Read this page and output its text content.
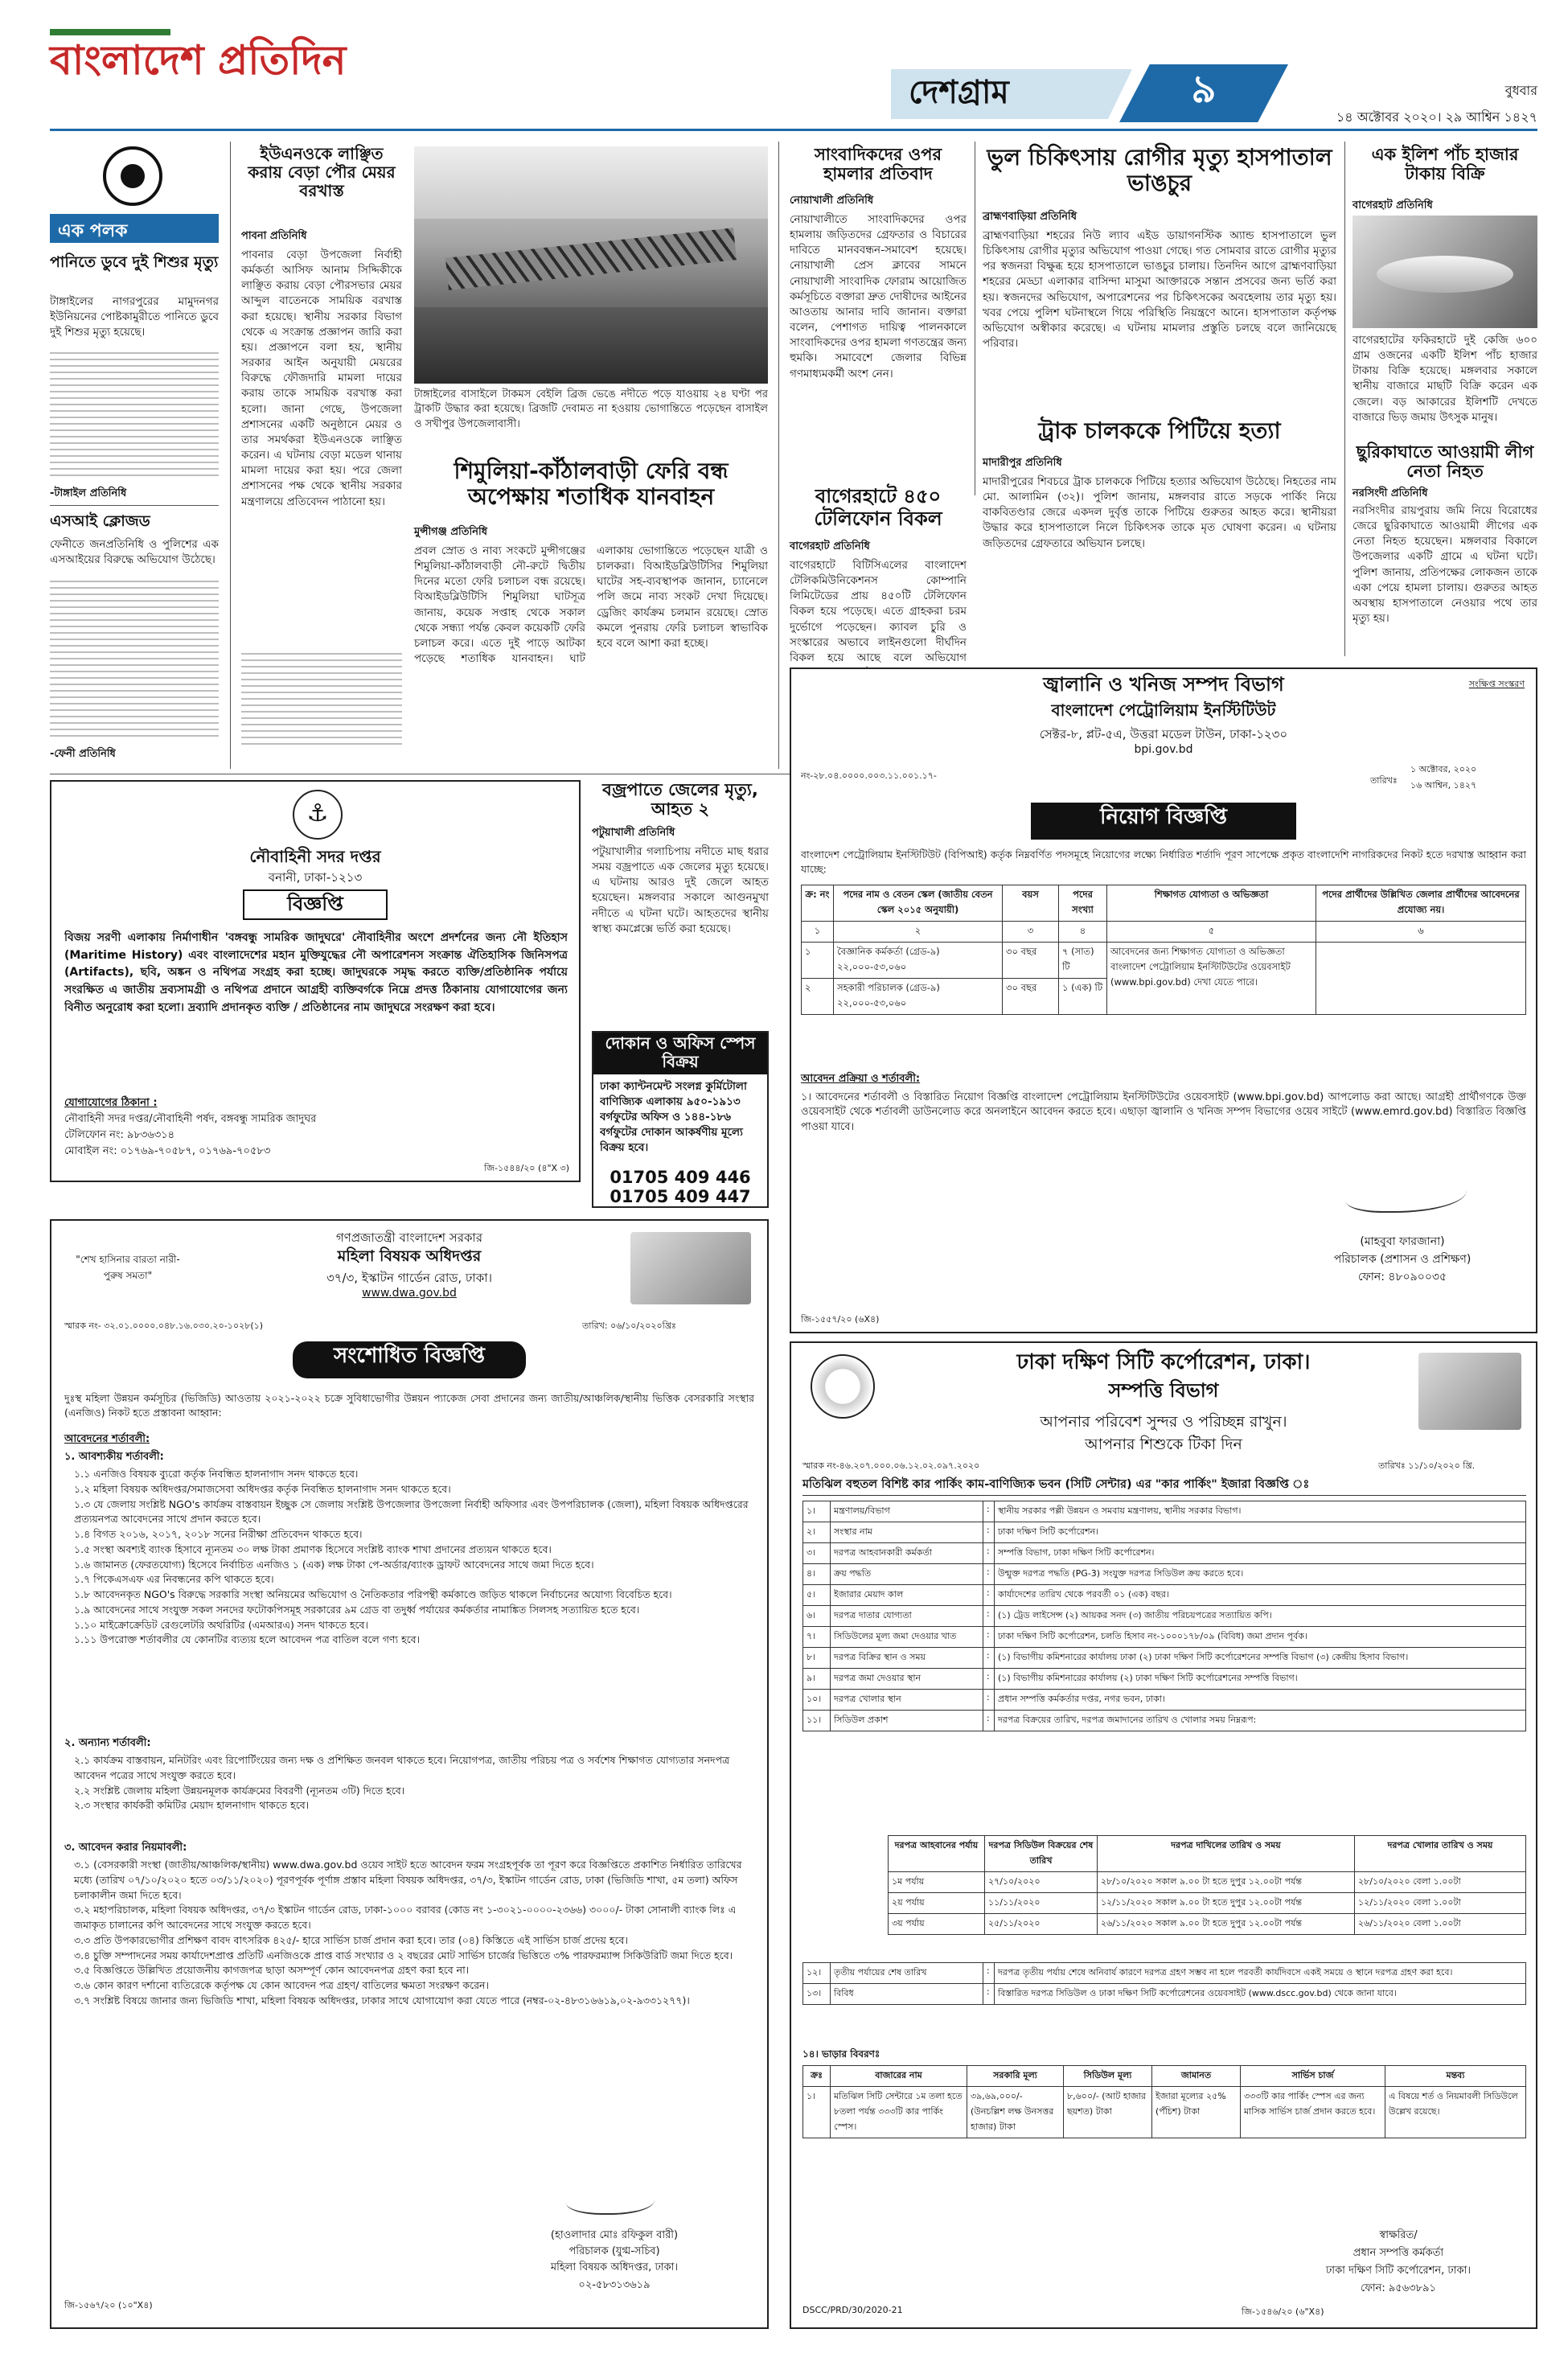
বাংলাদেশ প্রতিদিন
দেশগ্রাম	৯	বুধবার
১৪ অক্টোবর ২০২০। ২৯ আশ্বিন ১৪২৭
এক পলক
পানিতে ডুবে দুই শিশুর মৃত্যু
টাঙ্গাইলের নাগরপুরের মামুদনগর ইউনিয়নের পোষ্টকামুরীতে পানিতে ডুবে দুই শিশুর মৃত্যু হয়েছে।
-টাঙ্গাইল প্রতিনিধি
এসআই ক্লোজড
ফেনীতে জনপ্রতিনিধি ও পুলিশের এক এসআইয়ের বিরুদ্ধে অভিযোগ উঠেছে।
-ফেনী প্রতিনিধি
ইউএনওকে লাঞ্ছিত করায় বেড়া পৌর মেয়র বরখাস্ত
পাবনা প্রতিনিধি
পাবনার বেড়া উপজেলা নির্বাহী কর্মকর্তা আসিফ আনাম সিদ্দিকীকে লাঞ্ছিত করায় বেড়া পৌরসভার মেয়র আব্দুল বাতেনকে সাময়িক বরখাস্ত করা হয়েছে। স্থানীয় সরকার বিভাগ থেকে এ সংক্রান্ত প্রজ্ঞাপন জারি করা হয়। প্রজ্ঞাপনে বলা হয়, স্থানীয় সরকার আইন অনুযায়ী মেয়রের বিরুদ্ধে ফৌজদারি মামলা দায়ের করায় তাকে সাময়িক বরখাস্ত করা হলো। জানা গেছে, উপজেলা প্রশাসনের একটি অনুষ্ঠানে মেয়র ও তার সমর্থকরা ইউএনওকে লাঞ্ছিত করেন। এ ঘটনায় বেড়া মডেল থানায় মামলা দায়ের করা হয়। পরে জেলা প্রশাসনের পক্ষ থেকে স্থানীয় সরকার মন্ত্রণালয়ে প্রতিবেদন পাঠানো হয়।
টাঙ্গাইলের বাসাইলে টাকমস বেইলি ব্রিজ ভেঙে নদীতে পড়ে যাওয়ায় ২৪ ঘণ্টা পর ট্রাকটি উদ্ধার করা হয়েছে। ব্রিজটি দেবামত না হওয়ায় ভোগান্তিতে পড়েছেন বাসাইল ও সখীপুর উপজেলাবাসী।
শিমুলিয়া-কাঁঠালবাড়ী ফেরি বন্ধ অপেক্ষায় শতাধিক যানবাহন
মুন্সীগঞ্জ প্রতিনিধি
প্রবল স্রোত ও নাব্য সংকটে মুন্সীগঞ্জের শিমুলিয়া-কাঁঠালবাড়ী নৌ-রুটে দ্বিতীয় দিনের মতো ফেরি চলাচল বন্ধ রয়েছে। বিআইডব্লিউটিসি শিমুলিয়া ঘাটসূত্র জানায়, কয়েক সপ্তাহ থেকে সকাল থেকে সন্ধ্যা পর্যন্ত কেবল কয়েকটি ফেরি চলাচল করে। এতে দুই পাড়ে আটকা পড়েছে শতাধিক যানবাহন। ঘাট এলাকায় ভোগান্তিতে পড়েছেন যাত্রী ও চালকরা। বিআইডব্লিউটিসির শিমুলিয়া ঘাটের সহ-ব্যবস্থাপক জানান, চ্যানেলে পলি জমে নাব্য সংকট দেখা দিয়েছে। ড্রেজিং কার্যক্রম চলমান রয়েছে। স্রোত কমলে পুনরায় ফেরি চলাচল স্বাভাবিক হবে বলে আশা করা হচ্ছে।
সাংবাদিকদের ওপর হামলার প্রতিবাদ
নোয়াখালী প্রতিনিধি
নোয়াখালীতে সাংবাদিকদের ওপর হামলায় জড়িতদের গ্রেফতার ও বিচারের দাবিতে মানববন্ধন-সমাবেশ হয়েছে। নোয়াখালী প্রেস ক্লাবের সামনে নোয়াখালী সাংবাদিক ফোরাম আয়োজিত কর্মসূচিতে বক্তারা দ্রুত দোষীদের আইনের আওতায় আনার দাবি জানান। বক্তারা বলেন, পেশাগত দায়িত্ব পালনকালে সাংবাদিকদের ওপর হামলা গণতন্ত্রের জন্য হুমকি। সমাবেশে জেলার বিভিন্ন গণমাধ্যমকর্মী অংশ নেন।
বাগেরহাটে ৪৫০ টেলিফোন বিকল
বাগেরহাট প্রতিনিধি
বাগেরহাটে বিটিসিএলের বাংলাদেশ টেলিকমিউনিকেশনস কোম্পানি লিমিটেডের প্রায় ৪৫০টি টেলিফোন বিকল হয়ে পড়েছে। এতে গ্রাহকরা চরম দুর্ভোগে পড়েছেন। ক্যাবল চুরি ও সংস্কারের অভাবে লাইনগুলো দীর্ঘদিন বিকল হয়ে আছে বলে অভিযোগ
ভুল চিকিৎসায় রোগীর মৃত্যু হাসপাতাল ভাঙচুর
ব্রাহ্মণবাড়িয়া প্রতিনিধি
ব্রাহ্মণবাড়িয়া শহরের নিউ ল্যাব এইড ডায়াগনস্টিক অ্যান্ড হাসপাতালে ভুল চিকিৎসায় রোগীর মৃত্যুর অভিযোগ পাওয়া গেছে। গত সোমবার রাতে রোগীর মৃত্যুর পর স্বজনরা বিক্ষুব্ধ হয়ে হাসপাতালে ভাঙচুর চালায়। তিনদিন আগে ব্রাহ্মণবাড়িয়া শহরের মেড্ডা এলাকার বাসিন্দা মাসুমা আক্তারকে সন্তান প্রসবের জন্য ভর্তি করা হয়। স্বজনদের অভিযোগ, অপারেশনের পর চিকিৎসকের অবহেলায় তার মৃত্যু হয়। খবর পেয়ে পুলিশ ঘটনাস্থলে গিয়ে পরিস্থিতি নিয়ন্ত্রণে আনে। হাসপাতাল কর্তৃপক্ষ অভিযোগ অস্বীকার করেছে। এ ঘটনায় মামলার প্রস্তুতি চলছে বলে জানিয়েছে পরিবার।
ট্রাক চালককে পিটিয়ে হত্যা
মাদারীপুর প্রতিনিধি
মাদারীপুরের শিবচরে ট্রাক চালককে পিটিয়ে হত্যার অভিযোগ উঠেছে। নিহতের নাম মো. আলামিন (৩২)। পুলিশ জানায়, মঙ্গলবার রাতে সড়কে পার্কিং নিয়ে বাকবিতণ্ডার জেরে একদল দুর্বৃত্ত তাকে পিটিয়ে গুরুতর আহত করে। স্থানীয়রা উদ্ধার করে হাসপাতালে নিলে চিকিৎসক তাকে মৃত ঘোষণা করেন। এ ঘটনায় জড়িতদের গ্রেফতারে অভিযান চলছে।
এক ইলিশ পাঁচ হাজার টাকায় বিক্রি
বাগেরহাট প্রতিনিধি
বাগেরহাটের ফকিরহাটে দুই কেজি ৬০০ গ্রাম ওজনের একটি ইলিশ পাঁচ হাজার টাকায় বিক্রি হয়েছে। মঙ্গলবার সকালে স্থানীয় বাজারে মাছটি বিক্রি করেন এক জেলে। বড় আকারের ইলিশটি দেখতে বাজারে ভিড় জমায় উৎসুক মানুষ।
ছুরিকাঘাতে আওয়ামী লীগ নেতা নিহত
নরসিংদী প্রতিনিধি
নরসিংদীর রায়পুরায় জমি নিয়ে বিরোধের জেরে ছুরিকাঘাতে আওয়ামী লীগের এক নেতা নিহত হয়েছেন। মঙ্গলবার বিকালে উপজেলার একটি গ্রামে এ ঘটনা ঘটে। পুলিশ জানায়, প্রতিপক্ষের লোকজন তাকে একা পেয়ে হামলা চালায়। গুরুতর আহত অবস্থায় হাসপাতালে নেওয়ার পথে তার মৃত্যু হয়।
⚓
নৌবাহিনী সদর দপ্তর
বনানী, ঢাকা-১২১৩
বিজ্ঞপ্তি
বিজয় সরণী এলাকায় নির্মাণাধীন 'বঙ্গবন্ধু সামরিক জাদুঘরে' নৌবাহিনীর অংশে প্রদর্শনের জন্য নৌ ইতিহাস (Maritime History) এবং বাংলাদেশের মহান মুক্তিযুদ্ধের নৌ অপারেশনস সংক্রান্ত ঐতিহাসিক জিনিসপত্র (Artifacts), ছবি, অঙ্কন ও নথিপত্র সংগ্রহ করা হচ্ছে। জাদুঘরকে সমৃদ্ধ করতে ব্যক্তি/প্রতিষ্ঠানিক পর্যায়ে সংরক্ষিত এ জাতীয় দ্রব্যসামগ্রী ও নথিপত্র প্রদানে আগ্রহী ব্যক্তিবর্গকে নিম্নে প্রদত্ত ঠিকানায় যোগাযোগের জন্য বিনীত অনুরোধ করা হলো। দ্রব্যাদি প্রদানকৃত ব্যক্তি / প্রতিষ্ঠানের নাম জাদুঘরে সংরক্ষণ করা হবে।
যোগাযোগের ঠিকানা :
নৌবাহিনী সদর দপ্তর/নৌবাহিনী পর্ষদ, বঙ্গবন্ধু সামরিক জাদুঘর
টেলিফোন নং: ৯৮৩৬৩১৪
মোবাইল নং: ০১৭৬৯-৭০৫৮৭, ০১৭৬৯-৭০৫৮৩
জি-১৫৪৪/২০ (৪"X ৩)
বজ্রপাতে জেলের মৃত্যু, আহত ২
পটুয়াখালী প্রতিনিধি
পটুয়াখালীর গলাচিপায় নদীতে মাছ ধরার সময় বজ্রপাতে এক জেলের মৃত্যু হয়েছে। এ ঘটনায় আরও দুই জেলে আহত হয়েছেন। মঙ্গলবার সকালে আগুনমুখা নদীতে এ ঘটনা ঘটে। আহতদের স্থানীয় স্বাস্থ্য কমপ্লেক্সে ভর্তি করা হয়েছে।
দোকান ও অফিস স্পেস বিক্রয়
ঢাকা ক্যান্টনমেন্ট সংলগ্ন কুর্মিটোলা বাণিজ্যিক এলাকায় ৯৫০-১৯১৩ বর্গফুটের অফিস ও ১৪৪-১৮৬ বর্গফুটের দোকান আকর্ষণীয় মূল্যে বিক্রয় হবে।
01705 409 446
01705 409 447
জ্বালানি ও খনিজ সম্পদ বিভাগ
বাংলাদেশ পেট্রোলিয়াম ইনস্টিটিউট
সেক্টর-৮, প্লট-৫এ, উত্তরা মডেল টাউন, ঢাকা-১২৩০
bpi.gov.bd
সংক্ষিপ্ত সংস্করণ
নং-২৮.০৪.০০০০.০০৩.১১.০০১.১৭-	তারিখঃ
১ অক্টোবর, ২০২০
১৬ আশ্বিন, ১৪২৭
নিয়োগ বিজ্ঞপ্তি
বাংলাদেশ পেট্রোলিয়াম ইনস্টিটিউট (বিপিআই) কর্তৃক নিম্নবর্ণিত পদসমূহে নিয়োগের লক্ষ্যে নির্ধারিত শর্তাদি পূরণ সাপেক্ষে প্রকৃত বাংলাদেশি নাগরিকদের নিকট হতে দরখাস্ত আহ্বান করা যাচ্ছে:
ক্র: নং	পদের নাম ও বেতন স্কেল (জাতীয় বেতন স্কেল ২০১৫ অনুযায়ী)	বয়স	পদের সংখ্যা	শিক্ষাগত যোগ্যতা ও অভিজ্ঞতা	পদের প্রার্থীদের উল্লিখিত জেলার প্রার্থীদের আবেদনের প্রযোজ্য নয়।
১	২	৩	৪	৫	৬
১	বৈজ্ঞানিক কর্মকর্তা (গ্রেড-৯) ২২,০০০-৫৩,০৬০	৩০ বছর	৭ (সাত) টি	আবেদনের জন্য শিক্ষাগত যোগ্যতা ও অভিজ্ঞতা বাংলাদেশ পেট্রোলিয়াম ইনস্টিটিউটের ওয়েবসাইট (www.bpi.gov.bd) দেখা যেতে পারে।	
২	সহকারী পরিচালক (গ্রেড-৯) ২২,০০০-৫৩,০৬০	৩০ বছর	১ (এক) টি		
আবেদন প্রক্রিয়া ও শর্তাবলী:
১। আবেদনের শর্তাবলী ও বিস্তারিত নিয়োগ বিজ্ঞপ্তি বাংলাদেশ পেট্রোলিয়াম ইনস্টিটিউটের ওয়েবসাইট (www.bpi.gov.bd) আপলোড করা আছে। আগ্রহী প্রার্থীগণকে উক্ত ওয়েবসাইট থেকে শর্তাবলী ডাউনলোড করে অনলাইনে আবেদন করতে হবে। এছাড়া জ্বালানি ও খনিজ সম্পদ বিভাগের ওয়েব সাইটে (www.emrd.gov.bd) বিস্তারিত বিজ্ঞপ্তি পাওয়া যাবে।
(মাহবুবা ফারজানা)
পরিচালক (প্রশাসন ও প্রশিক্ষণ)
ফোন: ৪৮০৯০০৩৫
জি-১৫৫৭/২০ (৬X৪)
"শেখ হাসিনার বারতা নারী-পুরুষ সমতা"
গণপ্রজাতন্ত্রী বাংলাদেশ সরকার
মহিলা বিষয়ক অধিদপ্তর
৩৭/৩, ইস্কাটন গার্ডেন রোড, ঢাকা।
www.dwa.gov.bd
স্মারক নং- ৩২.০১.০০০০.০৪৮.১৬.০৩০.২০-১০২৮(১)	তারিখ: ০৬/১০/২০২০খ্রিঃ
সংশোধিত বিজ্ঞপ্তি
দুঃস্থ মহিলা উন্নয়ন কর্মসূচির (ভিজিডি) আওতায় ২০২১-২০২২ চক্রে সুবিধাভোগীর উন্নয়ন প্যাকেজ সেবা প্রদানের জন্য জাতীয়/আঞ্চলিক/স্থানীয় ভিত্তিক বেসরকারি সংস্থার (এনজিও) নিকট হতে প্রস্তাবনা আহ্বান:
আবেদনের শর্তাবলী:
১. আবশ্যকীয় শর্তাবলী:
১.১ এনজিও বিষয়ক ব্যুরো কর্তৃক নিবন্ধিত হালনাগাদ সনদ থাকতে হবে।
১.২ মহিলা বিষয়ক অধিদপ্তর/সমাজসেবা অধিদপ্তর কর্তৃক নিবন্ধিত হালনাগাদ সনদ থাকতে হবে।
১.৩ যে জেলায় সংশ্লিষ্ট NGO's কার্যক্রম বাস্তবায়ন ইচ্ছুক সে জেলায় সংশ্লিষ্ট উপজেলার উপজেলা নির্বাহী অফিসার এবং উপপরিচালক (জেলা), মহিলা বিষয়ক অধিদপ্তরের প্রত্যয়নপত্র আবেদনের সাথে প্রদান করতে হবে।
১.৪ বিগত ২০১৬, ২০১৭, ২০১৮ সনের নিরীক্ষা প্রতিবেদন থাকতে হবে।
১.৫ সংস্থা অবশ্যই ব্যাংক হিসাবে ন্যূনতম ৩০ লক্ষ টাকা প্রমাণক হিসেবে সংশ্লিষ্ট ব্যাংক শাখা প্রদানের প্রত্যয়ন থাকতে হবে।
১.৬ জামানত (ফেরতযোগ্য) হিসেবে নির্বাচিত এনজিও ১ (এক) লক্ষ টাকা পে-অর্ডার/ব্যাংক ড্রাফট আবেদনের সাথে জমা দিতে হবে।
১.৭ পিকেএসএফ এর নিবন্ধনের কপি থাকতে হবে।
১.৮ আবেদনকৃত NGO's বিরুদ্ধে সরকারি সংস্থা অনিয়মের অভিযোগ ও নৈতিকতার পরিপন্থী কর্মকাণ্ডে জড়িত থাকলে নির্বাচনের অযোগ্য বিবেচিত হবে।
১.৯ আবেদনের সাথে সংযুক্ত সকল সনদের ফটোকপিসমূহ সরকারের ৯ম গ্রেড বা তদুর্ধ্ব পর্যায়ের কর্মকর্তার নামাঙ্কিত সিলসহ সত্যায়িত হতে হবে।
১.১০ মাইক্রোক্রেডিট রেগুলেটরি অথরিটির (এমআরএ) সনদ থাকতে হবে।
১.১১ উপরোক্ত শর্তাবলীর যে কোনটির ব্যত্যয় হলে আবেদন পত্র বাতিল বলে গণ্য হবে।
২. অন্যান্য শর্তাবলী:
২.১ কার্যক্রম বাস্তবায়ন, মনিটরিং এবং রিপোর্টিংয়ের জন্য দক্ষ ও প্রশিক্ষিত জনবল থাকতে হবে। নিয়োগপত্র, জাতীয় পরিচয় পত্র ও সর্বশেষ শিক্ষাগত যোগ্যতার সনদপত্র আবেদন পত্রের সাথে সংযুক্ত করতে হবে।
২.২ সংশ্লিষ্ট জেলায় মহিলা উন্নয়নমূলক কার্যক্রমের বিবরণী (ন্যূনতম ৩টি) দিতে হবে।
২.৩ সংস্থার কার্যকরী কমিটির মেয়াদ হালনাগাদ থাকতে হবে।
৩. আবেদন করার নিয়মাবলী:
৩.১ (বেসরকারী সংস্থা (জাতীয়/আঞ্চলিক/স্থানীয়) www.dwa.gov.bd ওয়েব সাইট হতে আবেদন ফরম সংগ্রহপূর্বক তা পূরণ করে বিজ্ঞপ্তিতে প্রকাশিত নির্ধারিত তারিখের মধ্যে (তারিখ ০৭/১০/২০২০ হতে ০৩/১১/২০২০) পূরণপূর্বক পূর্ণাঙ্গ প্রস্তাব মহিলা বিষয়ক অধিদপ্তর, ৩৭/৩, ইস্কাটন গার্ডেন রোড, ঢাকা (ভিজিডি শাখা, ৫ম তলা) অফিস চলাকালীন জমা দিতে হবে।
৩.২ মহাপরিচালক, মহিলা বিষয়ক অধিদপ্তর, ৩৭/৩ ইস্কাটন গার্ডেন রোড, ঢাকা-১০০০ বরাবর (কোড নং ১-৩০২১-০০০০-২৩৬৬) ৩০০০/- টাকা সোনালী ব্যাংক লিঃ এ জমাকৃত চালানের কপি আবেদনের সাথে সংযুক্ত করতে হবে।
৩.৩ প্রতি উপকারভোগীর প্রশিক্ষণ বাবদ বাৎসরিক ৪২৫/- হারে সার্ভিস চার্জ প্রদান করা হবে। তার (০৪) কিস্তিতে এই সার্ভিস চার্জ প্রদেয় হবে।
৩.৪ চুক্তি সম্পাদনের সময় কার্যাদেশপ্রাপ্ত প্রতিটি এনজিওকে প্রাপ্ত বার্ড সংখ্যার ও ২ বছরের মোট সার্ভিস চার্জের ভিত্তিতে ৩% পারফরম্যান্স সিকিউরিটি জমা দিতে হবে।
৩.৫ বিজ্ঞপ্তিতে উল্লিখিত প্রয়োজনীয় কাগজপত্র ছাড়া অসম্পূর্ণ কোন আবেদনপত্র গ্রহণ করা হবে না।
৩.৬ কোন কারণ দর্শানো ব্যতিরেকে কর্তৃপক্ষ যে কোন আবেদন পত্র গ্রহণ/ বাতিলের ক্ষমতা সংরক্ষণ করেন।
৩.৭ সংশ্লিষ্ট বিষয়ে জানার জন্য ভিজিডি শাখা, মহিলা বিষয়ক অধিদপ্তর, ঢাকার সাথে যোগাযোগ করা যেতে পারে (নম্বর-০২-৪৮৩১৬৬১৯,০২-৯৩৩১২৭৭)।
(হাওলাদার মোঃ রফিকুল বারী)
পরিচালক (যুগ্ম-সচিব)
মহিলা বিষয়ক অধিদপ্তর, ঢাকা।
০২-৫৮৩১৩৬১৯
জি-১৫৬৭/২০ (১০"X৪)
ঢাকা দক্ষিণ সিটি কর্পোরেশন, ঢাকা।
সম্পত্তি বিভাগ
আপনার পরিবেশ সুন্দর ও পরিচ্ছন্ন রাখুন।
আপনার শিশুকে টিকা দিন
স্মারক নং-৪৬.২০৭.০০০.০৬.১২.০২.০৯৭.২০২০	তারিখঃ ১১/১০/২০২০ খ্রি.
মতিঝিল বহুতল বিশিষ্ট কার পার্কিং কাম-বাণিজ্যিক ভবন (সিটি সেন্টার) এর "কার পার্কিং" ইজারা বিজ্ঞপ্তি ঃ
১।	মন্ত্রণালয়/বিভাগ	:	স্থানীয় সরকার পল্লী উন্নয়ন ও সমবায় মন্ত্রণালয়, স্থানীয় সরকার বিভাগ।
২।	সংস্থার নাম	:	ঢাকা দক্ষিণ সিটি কর্পোরেশন।
৩।	দরপত্র আহবানকারী কর্মকর্তা	:	সম্পত্তি বিভাগ, ঢাকা দক্ষিণ সিটি কর্পোরেশন।
৪।	ক্রয় পদ্ধতি	:	উন্মুক্ত দরপত্র পদ্ধতি (PG-3) সংযুক্ত দরপত্র সিডিউল ক্রয় করতে হবে।
৫।	ইজারার মেয়াদ কাল	:	কার্যাদেশের তারিখ থেকে পরবর্তী ০১ (এক) বছর।
৬।	দরপত্র দাতার যোগ্যতা	:	(১) ট্রেড লাইসেন্স (২) আয়কর সনদ (৩) জাতীয় পরিচয়পত্রের সত্যায়িত কপি।
৭।	সিডিউলের মূল্য জমা দেওয়ার খাত	:	ঢাকা দক্ষিণ সিটি কর্পোরেশন, চলতি হিসাব নং-১০০০১৭৮/০৯ (বিবিধ) জমা প্রদান পূর্বক।
৮।	দরপত্র বিক্রির স্থান ও সময়	:	(১) বিভাগীয় কমিশনারের কার্যালয় ঢাকা (২) ঢাকা দক্ষিণ সিটি কর্পোরেশনের সম্পত্তি বিভাগ (৩) কেন্দ্রীয় হিসাব বিভাগ।
৯।	দরপত্র জমা দেওয়ার স্থান	:	(১) বিভাগীয় কমিশনারের কার্যালয় (২) ঢাকা দক্ষিণ সিটি কর্পোরেশনের সম্পত্তি বিভাগ।
১০।	দরপত্র খোলার স্থান	:	প্রধান সম্পত্তি কর্মকর্তার দপ্তর, নগর ভবন, ঢাকা।
১১।	সিডিউল প্রকাশ	:	দরপত্র বিক্রয়ের তারিখ, দরপত্র জমাদানের তারিখ ও খোলার সময় নিম্নরূপ:
দরপত্র আহবানের পর্যায়	দরপত্র সিডিউল বিক্রয়ের শেষ তারিখ	দরপত্র দাখিলের তারিখ ও সময়	দরপত্র খোলার তারিখ ও সময়
১ম পর্যায়	২৭/১০/২০২০	২৮/১০/২০২০ সকাল ৯.০০ টা হতে দুপুর ১২.০০টা পর্যন্ত	২৮/১০/২০২০ বেলা ১.০০টা
২য় পর্যায়	১১/১১/২০২০	১২/১১/২০২০ সকাল ৯.০০ টা হতে দুপুর ১২.০০টা পর্যন্ত	১২/১১/২০২০ বেলা ১.০০টা
৩য় পর্যায়	২৫/১১/২০২০	২৬/১১/২০২০ সকাল ৯.০০ টা হতে দুপুর ১২.০০টা পর্যন্ত	২৬/১১/২০২০ বেলা ১.০০টা
১২।	তৃতীয় পর্যায়ের শেষ তারিখ	:	দরপত্র তৃতীয় পর্যায় শেষে অনিবার্য কারণে দরপত্র গ্রহণ সম্ভব না হলে পরবর্তী কার্যদিবসে একই সময়ে ও স্থানে দরপত্র গ্রহণ করা হবে।
১৩।	বিবিধ	:	বিস্তারিত দরপত্র সিডিউল ও ঢাকা দক্ষিণ সিটি কর্পোরেশনের ওয়েবসাইট (www.dscc.gov.bd) থেকে জানা যাবে।
১৪। ভাড়ার বিবরণঃ
ক্রঃ	বাজারের নাম	সরকারি মূল্য	সিডিউল মূল্য	জামানত	সার্ভিস চার্জ	মন্তব্য
১।	মতিঝিল সিটি সেন্টারে ১ম তলা হতে ৮তলা পর্যন্ত ৩৩৩টি কার পার্কিং স্পেস।	৩৯,৬৯,০০০/- (উনচল্লিশ লক্ষ উনসত্তর হাজার) টাকা	৮,৬০০/- (আট হাজার ছয়শত) টাকা	ইজারা মূল্যের ২৫% (পঁচিশ) টাকা	৩৩৩টি কার পার্কিং স্পেস এর জন্য মাসিক সার্ভিস চার্জ প্রদান করতে হবে।	এ বিষয়ে শর্ত ও নিয়মাবলী সিডিউলে উল্লেখ রয়েছে।
স্বাক্ষরিত/
প্রধান সম্পত্তি কর্মকর্তা
ঢাকা দক্ষিণ সিটি কর্পোরেশন, ঢাকা।
ফোন: ৯৫৬৩৮৯১
DSCC/PRD/30/2020-21	জি-১৫৪৬/২০ (৬"X৪)
